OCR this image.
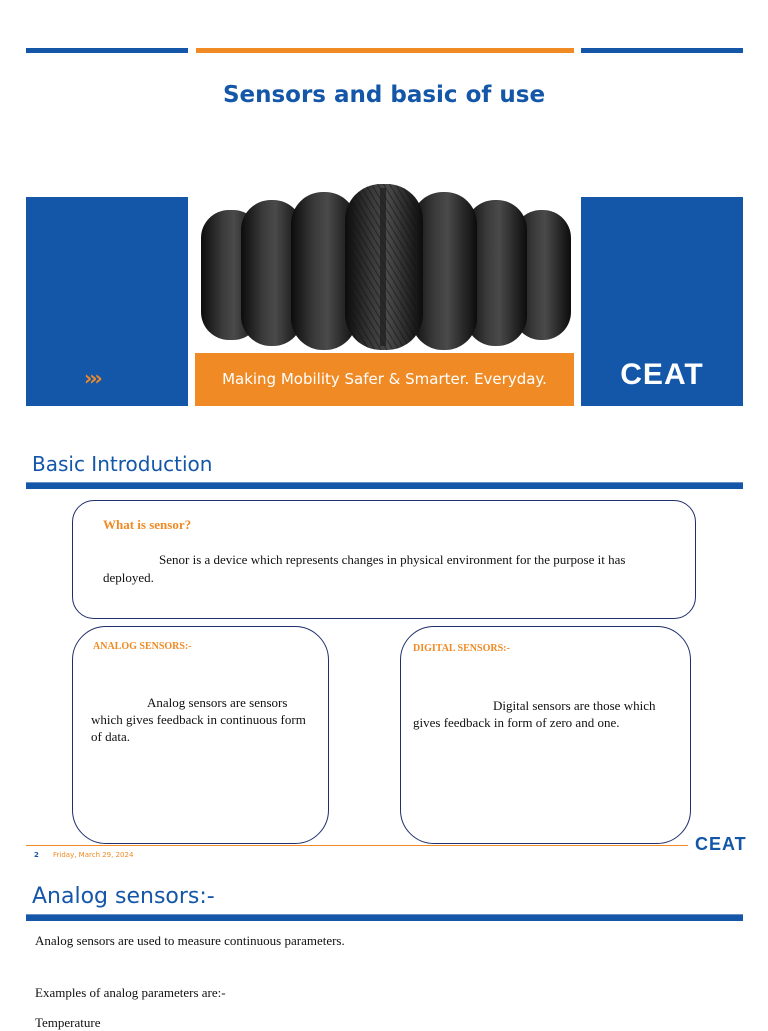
Sensors and basic of use
›››	Making Mobility Safer & Smarter. Everyday.	CEAT
Basic Introduction
What is sensor?
Senor is a device which represents changes in physical environment for the purpose it has deployed.
ANALOG SENSORS:-
Analog sensors are sensors which gives feedback in continuous form of data.
DIGITAL SENSORS:-
Digital sensors are those which gives feedback in form of zero and one.
2 Friday, March 29, 2024
CEAT
Analog sensors:-
Analog sensors are used to measure continuous parameters.
Examples of analog parameters are:-
Temperature
